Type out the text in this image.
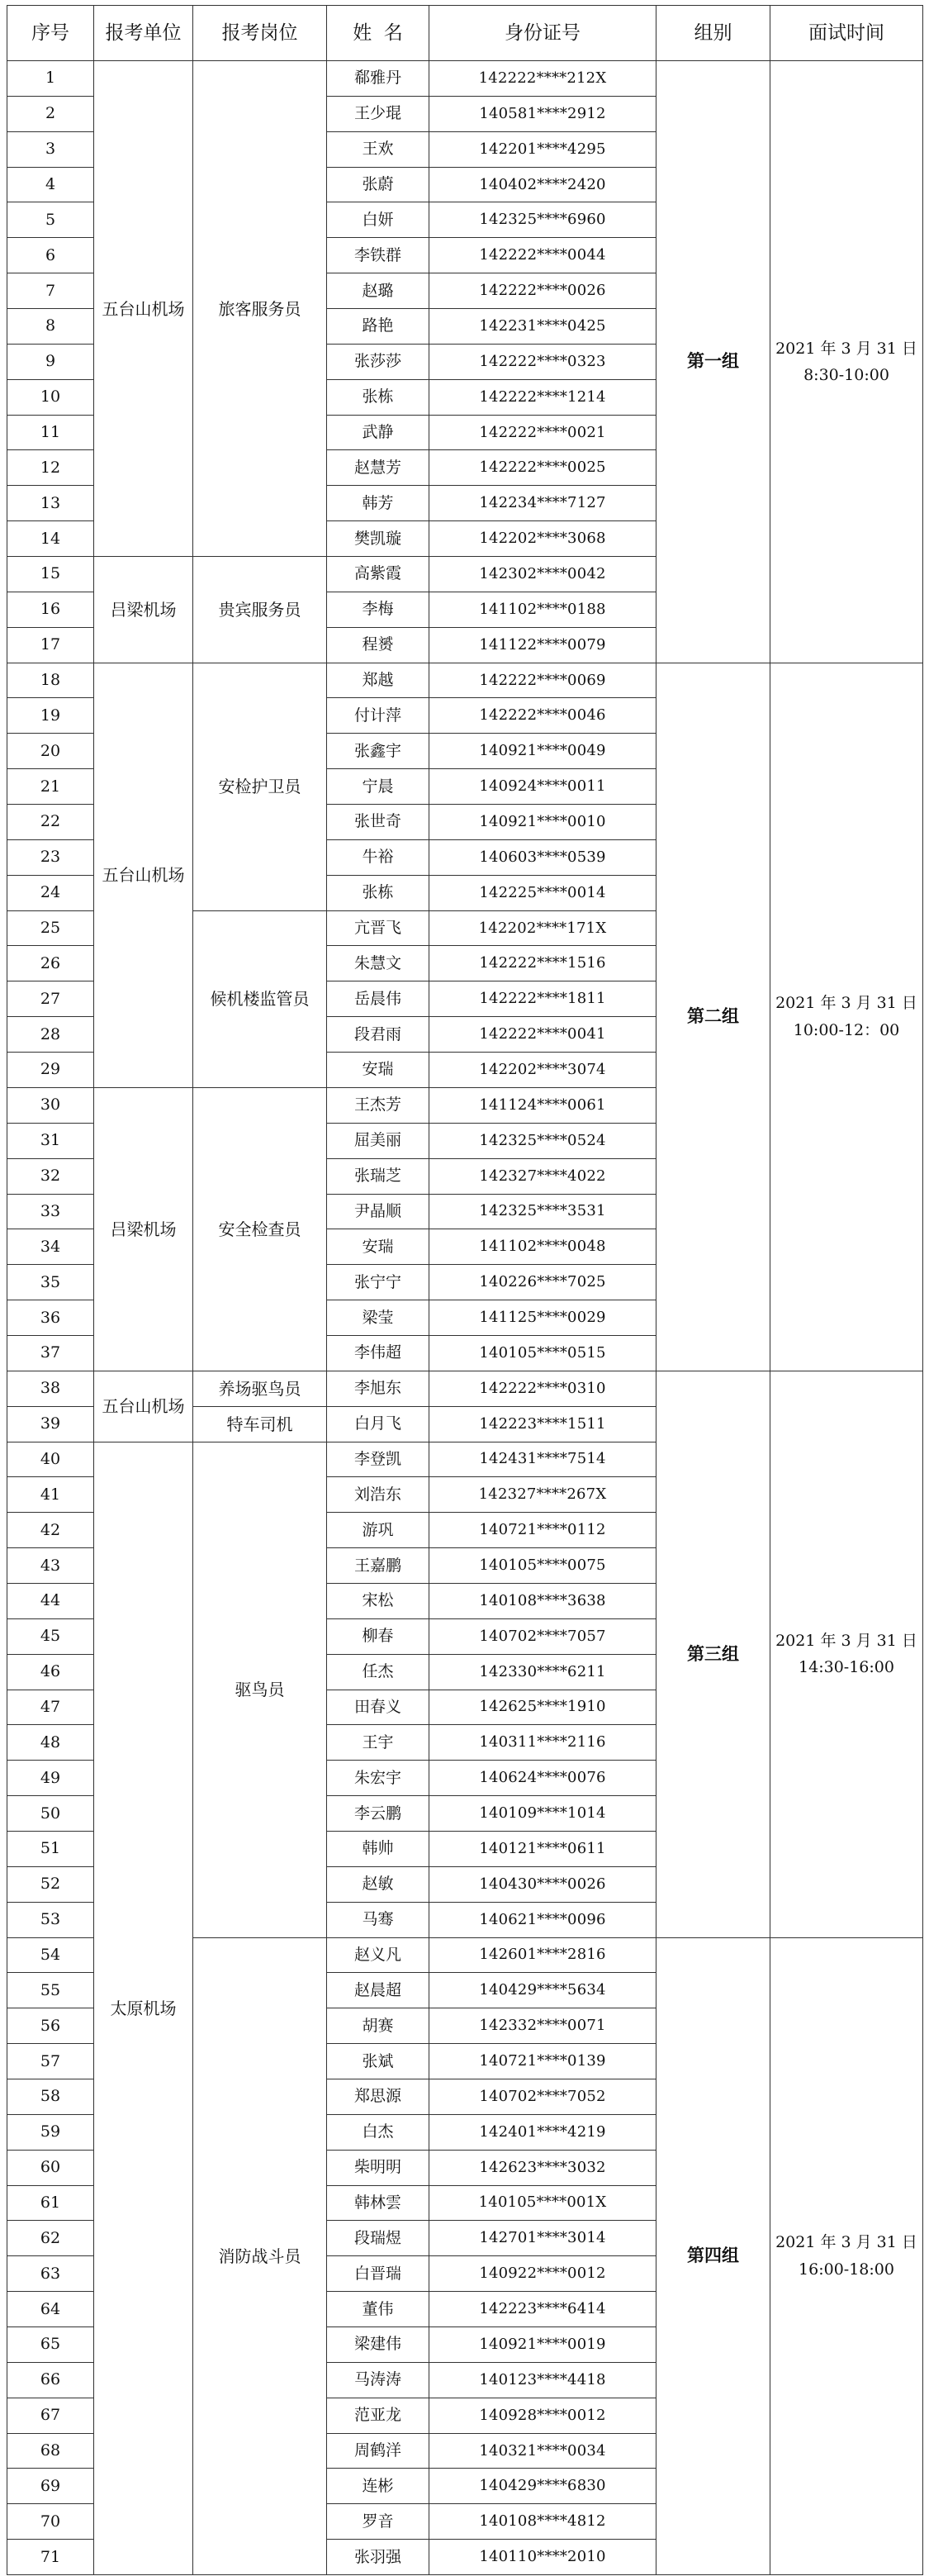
序号	报考单位	报考岗位	姓  名	身份证号	组别	面试时间
1	五台山机场	旅客服务员	郗雅丹	142222****212X	第一组	2021 年 3 月 31 日
8:30-10:00

2			王少琨	140581****2912		
3			王欢	142201****4295		
4			张蔚	140402****2420		
5			白妍	142325****6960		
6			李铁群	142222****0044		
7			赵璐	142222****0026		
8			路艳	142231****0425		
9			张莎莎	142222****0323		
10			张栋	142222****1214		
11			武静	142222****0021		
12			赵慧芳	142222****0025		
13			韩芳	142234****7127		
14			樊凯璇	142202****3068		
15	吕梁机场	贵宾服务员	高紫霞	142302****0042		
16			李梅	141102****0188		
17			程赟	141122****0079		
18	五台山机场	安检护卫员	郑越	142222****0069	第二组	2021 年 3 月 31 日
10:00-12：00

19			付计萍	142222****0046		
20			张鑫宇	140921****0049		
21			宁晨	140924****0011		
22			张世奇	140921****0010		
23			牛裕	140603****0539		
24			张栋	142225****0014		
25		候机楼监管员	亢晋飞	142202****171X		
26			朱慧文	142222****1516		
27			岳晨伟	142222****1811		
28			段君雨	142222****0041		
29			安瑞	142202****3074		
30	吕梁机场	安全检查员	王杰芳	141124****0061		
31			屈美丽	142325****0524		
32			张瑞芝	142327****4022		
33			尹晶顺	142325****3531		
34			安瑞	141102****0048		
35			张宁宁	140226****7025		
36			梁莹	141125****0029		
37			李伟超	140105****0515		
38	五台山机场	养场驱鸟员	李旭东	142222****0310	第三组	2021 年 3 月 31 日
14:30-16:00

39		特车司机	白月飞	142223****1511		
40	太原机场	驱鸟员	李登凯	142431****7514		
41			刘浩东	142327****267X		
42			游巩	140721****0112		
43			王嘉鹏	140105****0075		
44			宋松	140108****3638		
45			柳春	140702****7057		
46			任杰	142330****6211		
47			田春义	142625****1910		
48			王宇	140311****2116		
49			朱宏宇	140624****0076		
50			李云鹏	140109****1014		
51			韩帅	140121****0611		
52			赵敏	140430****0026		
53			马骞	140621****0096		
54		消防战斗员	赵义凡	142601****2816	第四组	2021 年 3 月 31 日
16:00-18:00

55			赵晨超	140429****5634		
56			胡赛	142332****0071		
57			张斌	140721****0139		
58			郑思源	140702****7052		
59			白杰	142401****4219		
60			柴明明	142623****3032		
61			韩林雲	140105****001X		
62			段瑞煜	142701****3014		
63			白晋瑞	140922****0012		
64			董伟	142223****6414		
65			梁建伟	140921****0019		
66			马涛涛	140123****4418		
67			范亚龙	140928****0012		
68			周鹤洋	140321****0034		
69			连彬	140429****6830		
70			罗音	140108****4812		
71			张羽强	140110****2010		
